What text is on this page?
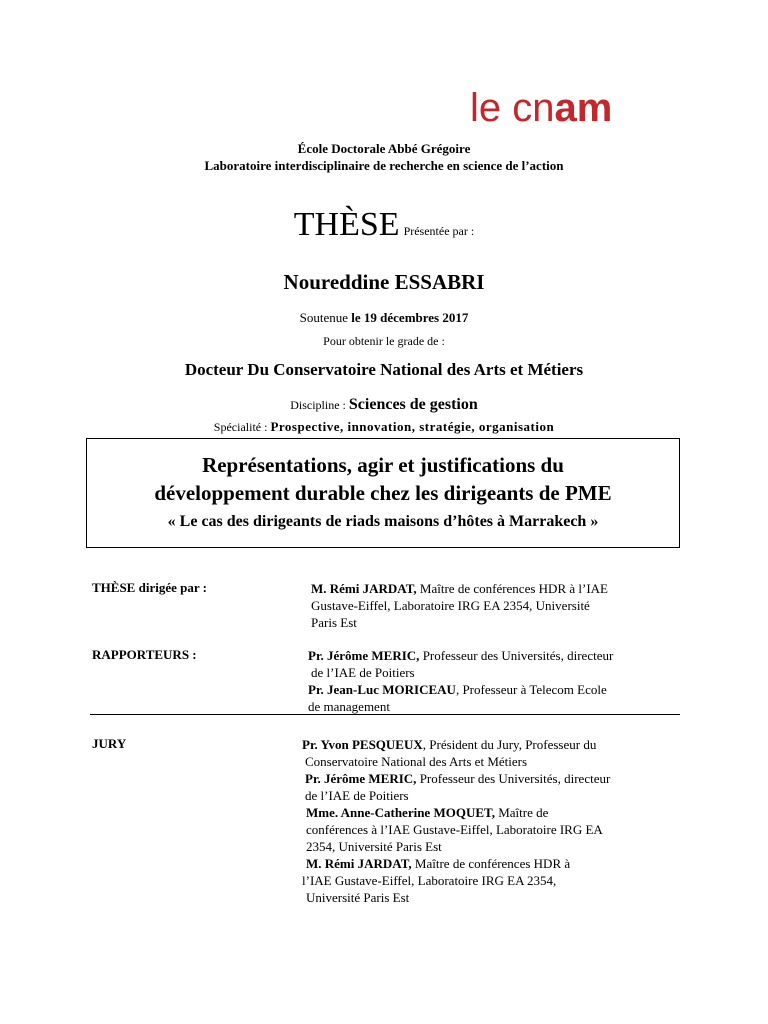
le cnam
École Doctorale Abbé Grégoire
Laboratoire interdisciplinaire de recherche en science de l’action
THÈSE Présentée par :
Noureddine ESSABRI
Soutenue le 19 décembres 2017
Pour obtenir le grade de :
Docteur Du Conservatoire National des Arts et Métiers
Discipline : Sciences de gestion
Spécialité : Prospective, innovation, stratégie, organisation
Représentations, agir et justifications du
développement durable chez les dirigeants de PME
« Le cas des dirigeants de riads maisons d’hôtes à Marrakech »
THÈSE dirigée par :	M. Rémi JARDAT, Maître de conférences HDR à l’IAE
Gustave-Eiffel, Laboratoire IRG EA 2354, Université
Paris Est
RAPPORTEURS :	Pr. Jérôme MERIC, Professeur des Universités, directeur
de l’IAE de Poitiers
Pr. Jean-Luc MORICEAU, Professeur à Telecom Ecole
de management
JURY	Pr. Yvon PESQUEUX, Président du Jury, Professeur du
Conservatoire National des Arts et Métiers
Pr. Jérôme MERIC, Professeur des Universités, directeur
de l’IAE de Poitiers
Mme. Anne-Catherine MOQUET, Maître de
conférences à l’IAE Gustave-Eiffel, Laboratoire IRG EA
2354, Université Paris Est
M. Rémi JARDAT, Maître de conférences HDR à
l’IAE Gustave-Eiffel, Laboratoire IRG EA 2354,
Université Paris Est
